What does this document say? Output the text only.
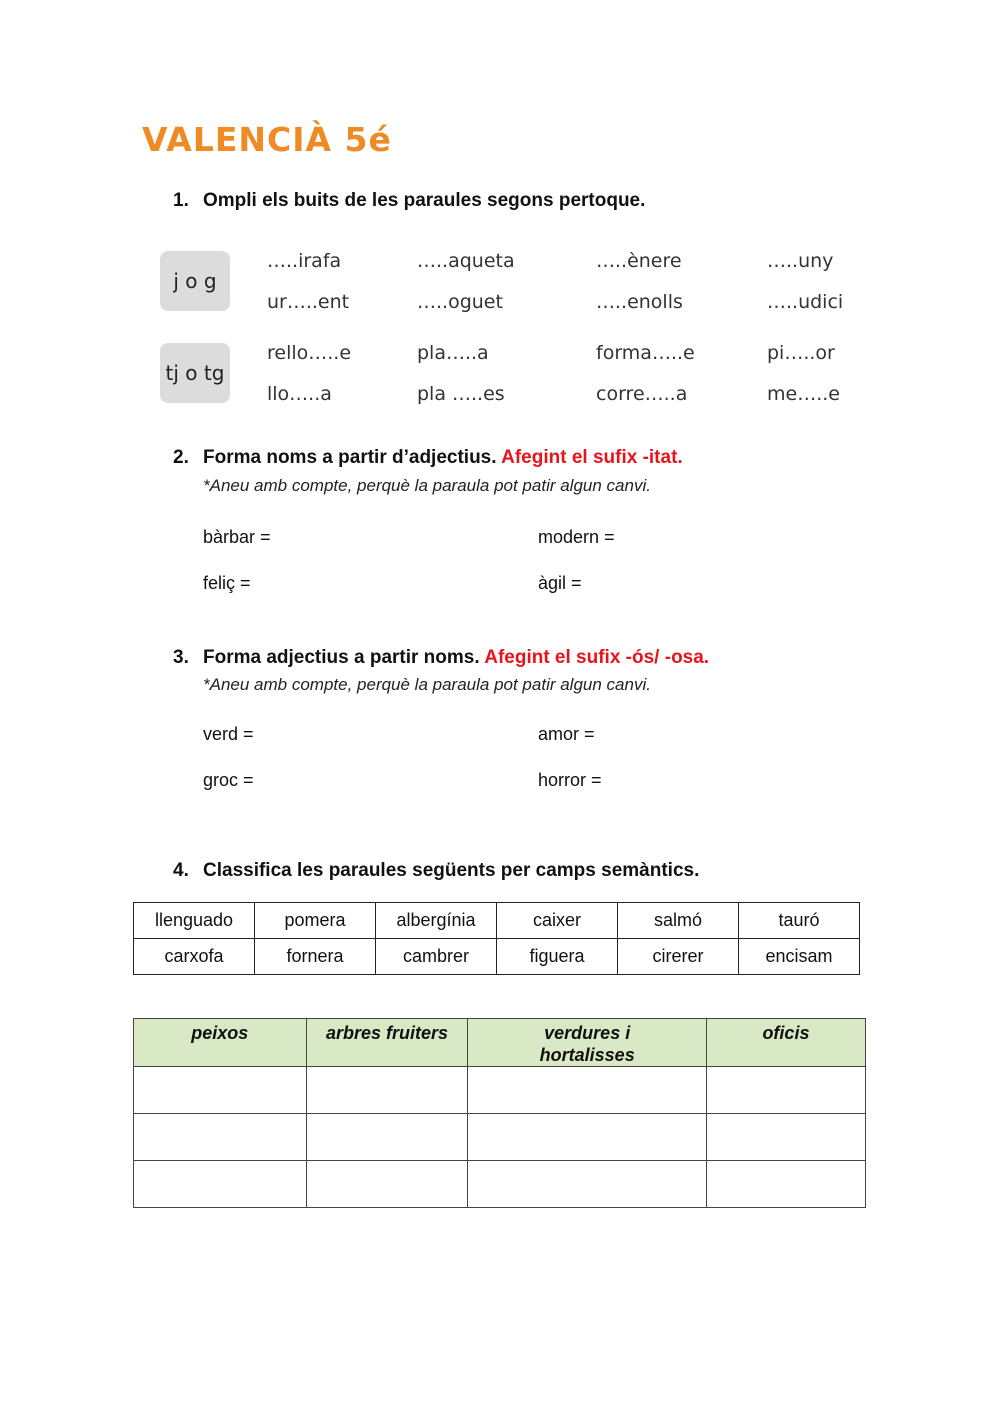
VALENCIÀ 5é
1. Ompli els buits de les paraules segons pertoque.
j o g
tj o tg
…..irafa	…..aqueta	…..ènere	…..uny
ur…..ent	…..oguet	…..enolls	…..udici
rello…..e	pla…..a	forma…..e	pi…..or
llo…..a	pla …..es	corre…..a	me…..e
2. Forma noms a partir d’adjectius. Afegint el sufix -itat.
*Aneu amb compte, perquè la paraula pot patir algun canvi.
bàrbar =	modern =
feliç =	àgil =
3. Forma adjectius a partir noms. Afegint el sufix -ós/ -osa.
*Aneu amb compte, perquè la paraula pot patir algun canvi.
verd =	amor =
groc =	horror =
4. Classifica les paraules següents per camps semàntics.
llenguado	pomera	albergínia	caixer	salmó	tauró
carxofa	fornera	cambrer	figuera	cirerer	encisam
peixos	arbres fruiters	verdures i hortalisses	oficis
